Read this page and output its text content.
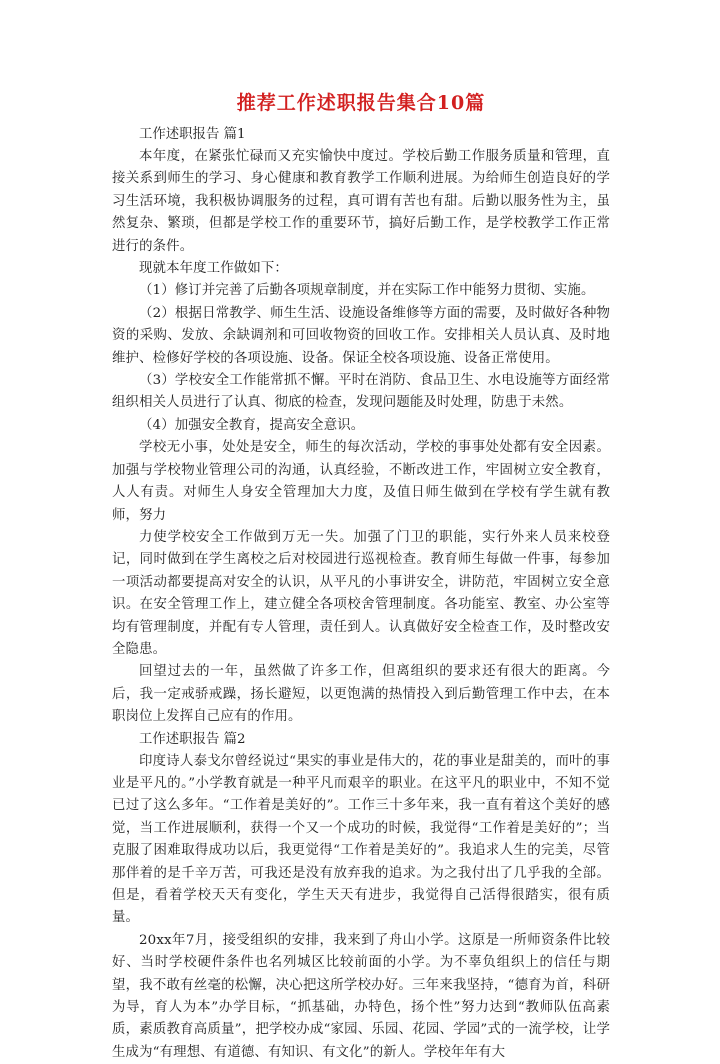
推荐工作述职报告集合10篇

工作述职报告 篇1

本年度，在紧张忙碌而又充实愉快中度过。学校后勤工作服务质量和管理，直接关系到师生的学习、身心健康和教育教学工作顺利进展。为给师生创造良好的学习生活环境，我积极协调服务的过程，真可谓有苦也有甜。后勤以服务性为主，虽然复杂、繁琐，但都是学校工作的重要环节，搞好后勤工作，是学校教学工作正常进行的条件。

现就本年度工作做如下：

（1）修订并完善了后勤各项规章制度，并在实际工作中能努力贯彻、实施。

（2）根据日常教学、师生生活、设施设备维修等方面的需要，及时做好各种物资的采购、发放、余缺调剂和可回收物资的回收工作。安排相关人员认真、及时地维护、检修好学校的各项设施、设备。保证全校各项设施、设备正常使用。

（3）学校安全工作能常抓不懈。平时在消防、食品卫生、水电设施等方面经常组织相关人员进行了认真、彻底的检查，发现问题能及时处理，防患于未然。

（4）加强安全教育，提高安全意识。

学校无小事，处处是安全，师生的每次活动，学校的事事处处都有安全因素。加强与学校物业管理公司的沟通，认真经验，不断改进工作，牢固树立安全教育，人人有责。对师生人身安全管理加大力度，及值日师生做到在学校有学生就有教师，努力

力使学校安全工作做到万无一失。加强了门卫的职能，实行外来人员来校登记，同时做到在学生离校之后对校园进行巡视检查。教育师生每做一件事，每参加一项活动都要提高对安全的认识，从平凡的小事讲安全，讲防范，牢固树立安全意识。在安全管理工作上，建立健全各项校舍管理制度。各功能室、教室、办公室等均有管理制度，并配有专人管理，责任到人。认真做好安全检查工作，及时整改安全隐患。

回望过去的一年，虽然做了许多工作，但离组织的要求还有很大的距离。今后，我一定戒骄戒躁，扬长避短，以更饱满的热情投入到后勤管理工作中去，在本职岗位上发挥自己应有的作用。

工作述职报告 篇2

印度诗人泰戈尔曾经说过“果实的事业是伟大的，花的事业是甜美的，而叶的事业是平凡的。”小学教育就是一种平凡而艰辛的职业。在这平凡的职业中，不知不觉已过了这么多年。“工作着是美好的”。工作三十多年来，我一直有着这个美好的感觉，当工作进展顺利，获得一个又一个成功的时候，我觉得“工作着是美好的”；当克服了困难取得成功以后，我更觉得“工作着是美好的”。我追求人生的完美，尽管那伴着的是千辛万苦，可我还是没有放弃我的追求。为之我付出了几乎我的全部。但是，看着学校天天有变化，学生天天有进步，我觉得自己活得很踏实，很有质量。

20xx年7月，接受组织的安排，我来到了舟山小学。这原是一所师资条件比较好、当时学校硬件条件也名列城区比较前面的小学。为不辜负组织上的信任与期望，我不敢有丝毫的松懈，决心把这所学校办好。三年来我坚持，“德育为首，科研为导，育人为本”办学目标，“抓基础，办特色，扬个性”努力达到“教师队伍高素质，素质教育高质量”，把学校办成“家园、乐园、花园、学园”式的一流学校，让学生成为“有理想、有道德、有知识、有文化”的新人。学校年年有大
